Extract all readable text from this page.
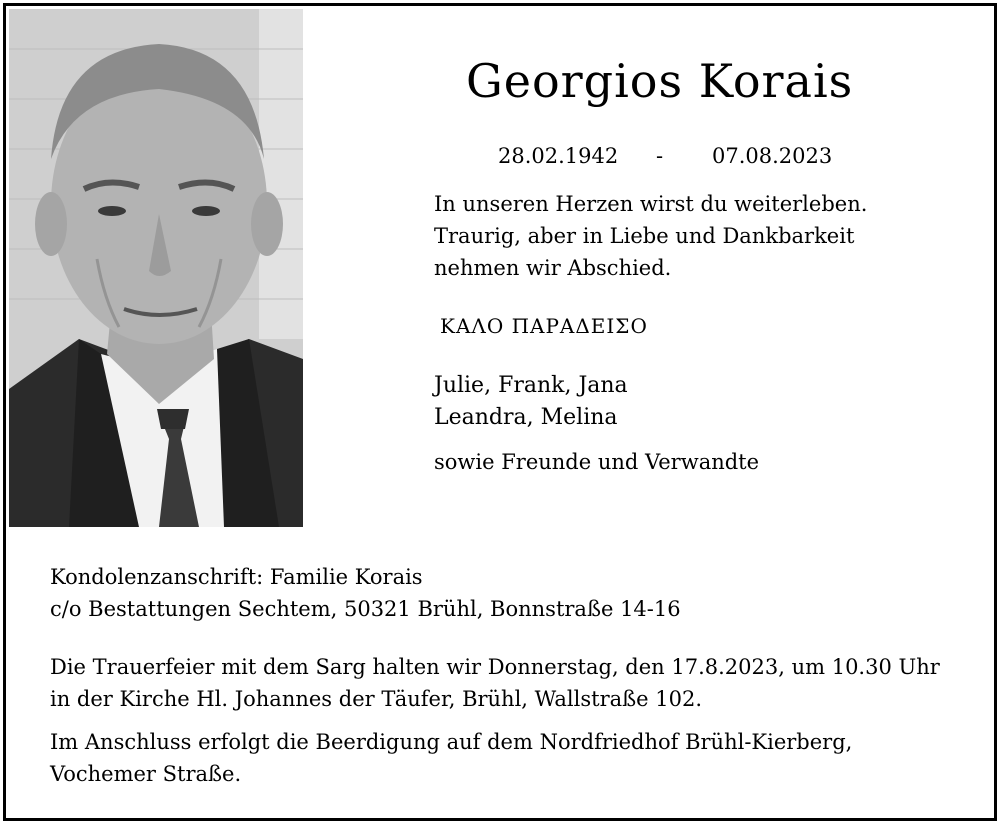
Georgios Korais
28.02.1942 - 07.08.2023
In unseren Herzen wirst du weiterleben.
Traurig, aber in Liebe und Dankbarkeit
nehmen wir Abschied.
ΚΑΛΟ ΠΑΡΑΔΕΙΣΟ
Julie, Frank, Jana
Leandra, Melina
sowie Freunde und Verwandte
Kondolenzanschrift: Familie Korais
c/o Bestattungen Sechtem, 50321 Brühl, Bonnstraße 14-16
Die Trauerfeier mit dem Sarg halten wir Donnerstag, den 17.8.2023, um 10.30 Uhr
in der Kirche Hl. Johannes der Täufer, Brühl, Wallstraße 102.
Im Anschluss erfolgt die Beerdigung auf dem Nordfriedhof Brühl-Kierberg,
Vochemer Straße.
